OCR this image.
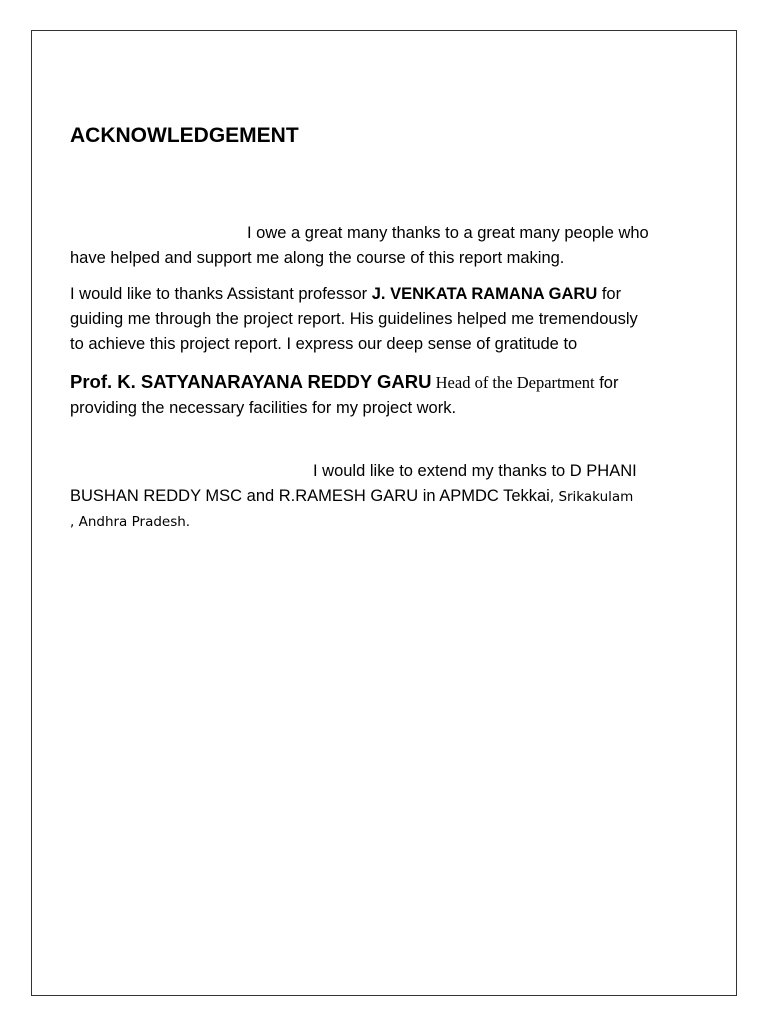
ACKNOWLEDGEMENT

I owe a great many thanks to a great many people who
have helped and support me along the course of this report making.

I would like to thanks Assistant professor J. VENKATA RAMANA GARU for
guiding me through the project report. His guidelines helped me tremendously
to achieve this project report. I express our deep sense of gratitude to

Prof. K. SATYANARAYANA REDDY GARU Head of the Department for
providing the necessary facilities for my project work.

I would like to extend my thanks to D PHANI
BUSHAN REDDY MSC and R.RAMESH GARU in APMDC Tekkai, Srikakulam
, Andhra Pradesh.
